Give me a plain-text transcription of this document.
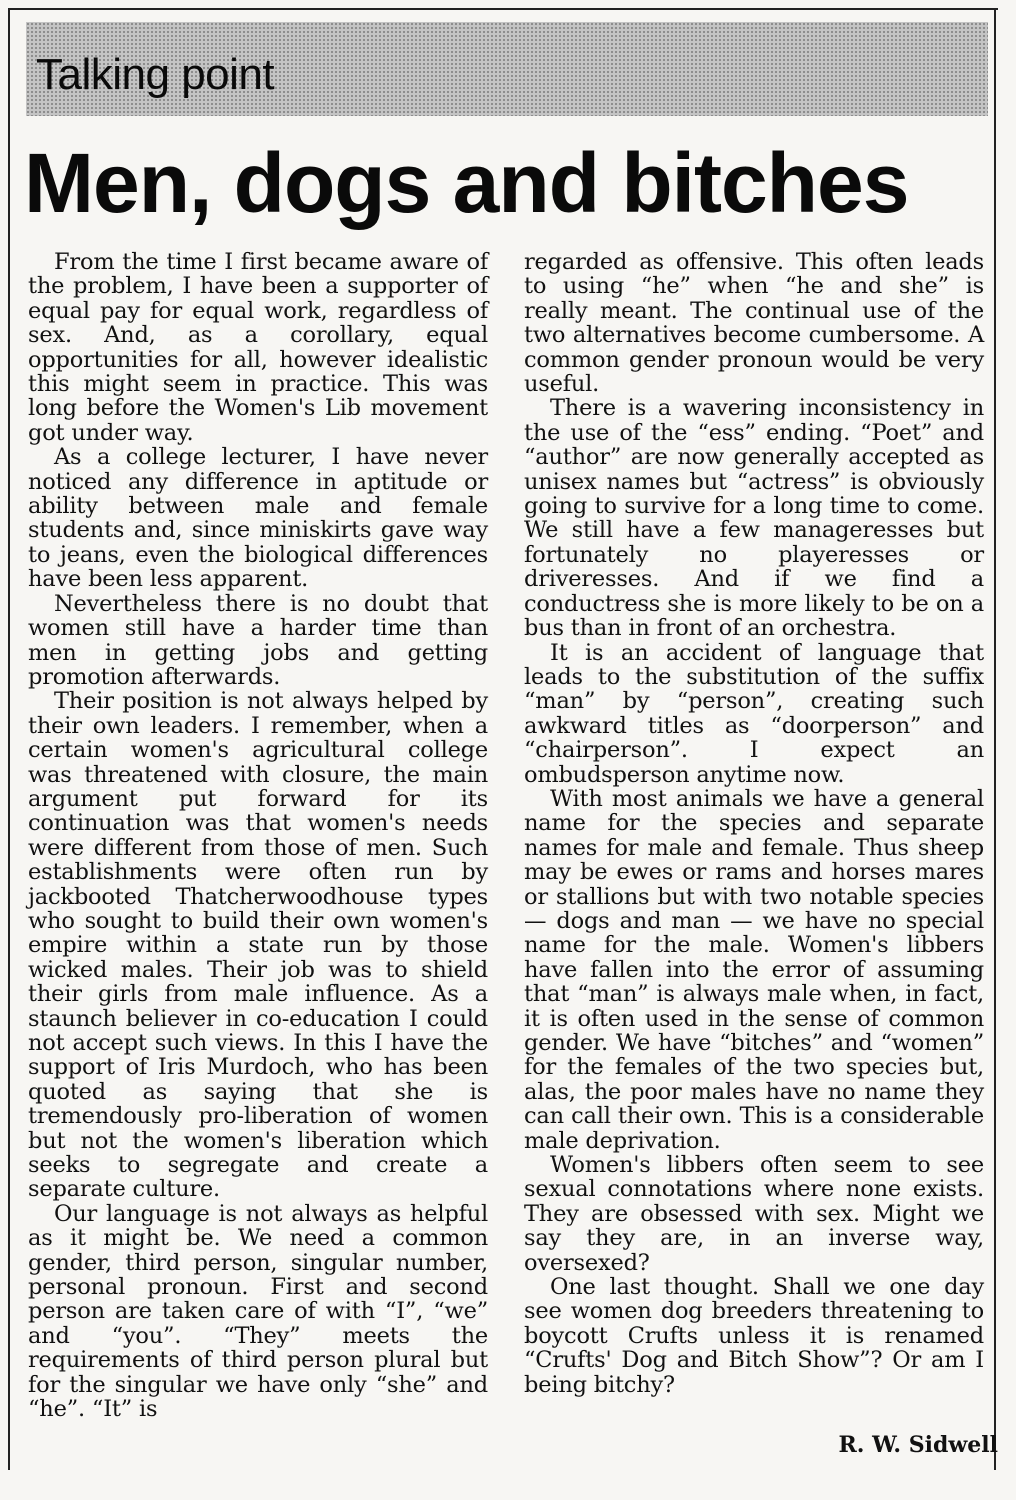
Talking point
Men, dogs and bitches

From the time I first became aware of the problem, I have been a supporter of equal pay for equal work, regardless of sex. And, as a corollary, equal opportunities for all, however idealistic this might seem in practice. This was long before the Women's Lib movement got under way.

As a college lecturer, I have never noticed any difference in aptitude or ability between male and female students and, since miniskirts gave way to jeans, even the biological differences have been less apparent.

Nevertheless there is no doubt that women still have a harder time than men in getting jobs and getting promotion afterwards.

Their position is not always helped by their own leaders. I remember, when a certain women's agricultural college was threatened with closure, the main argument put forward for its continuation was that women's needs were different from those of men. Such establishments were often run by jackbooted Thatcherwoodhouse types who sought to build their own women's empire within a state run by those wicked males. Their job was to shield their girls from male influence. As a staunch believer in co-education I could not accept such views. In this I have the support of Iris Murdoch, who has been quoted as saying that she is tremendously pro-liberation of women but not the women's liberation which seeks to segregate and create a separate culture.

Our language is not always as helpful as it might be. We need a common gender, third person, singular number, personal pronoun. First and second person are taken care of with “I”, “we” and “you”. “They” meets the requirements of third person plural but for the singular we have only “she” and “he”. “It” is

regarded as offensive. This often leads to using “he” when “he and she” is really meant. The continual use of the two alternatives become cumbersome. A common gender pronoun would be very useful.

There is a wavering inconsistency in the use of the “ess” ending. “Poet” and “author” are now generally accepted as unisex names but “actress” is obviously going to survive for a long time to come. We still have a few manageresses but fortunately no playeresses or driveresses. And if we find a conductress she is more likely to be on a bus than in front of an orchestra.

It is an accident of language that leads to the substitution of the suffix “man” by “person”, creating such awkward titles as “doorperson” and “chairperson”. I expect an ombudsperson anytime now.

With most animals we have a general name for the species and separate names for male and female. Thus sheep may be ewes or rams and horses mares or stallions but with two notable species — dogs and man — we have no special name for the male. Women's libbers have fallen into the error of assuming that “man” is always male when, in fact, it is often used in the sense of common gender. We have “bitches” and “women” for the females of the two species but, alas, the poor males have no name they can call their own. This is a considerable male deprivation.

Women's libbers often seem to see sexual connotations where none exists. They are obsessed with sex. Might we say they are, in an inverse way, oversexed?

One last thought. Shall we one day see women dog breeders threatening to boycott Crufts unless it is renamed “Crufts' Dog and Bitch Show”? Or am I being bitchy?

R. W. Sidwell
